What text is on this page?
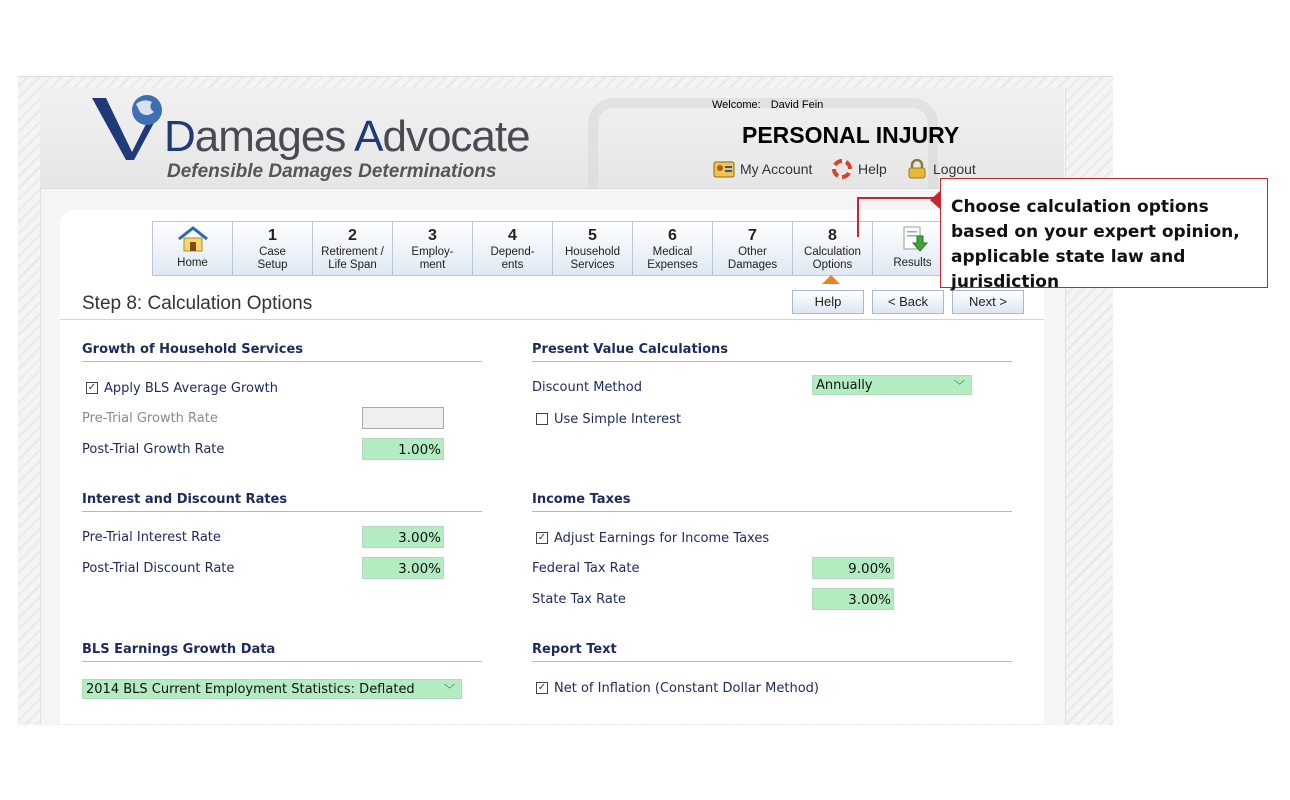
Damages Advocate
Defensible Damages Determinations
Welcome: David Fein
PERSONAL INJURY
My Account	Help	Logout
Home
1
Case
Setup
2
Retirement /
Life Span
3
Employ-
ment
4
Depend-
ents
5
Household
Services
6
Medical
Expenses
7
Other
Damages
8
Calculation
Options	Results
Step 8: Calculation Options	Help	< Back	Next >
Growth of Household Services
✓ Apply BLS Average Growth
Pre-Trial Growth Rate
Post-Trial Growth Rate	1.00%
Interest and Discount Rates
Pre-Trial Interest Rate	3.00%
Post-Trial Discount Rate	3.00%
BLS Earnings Growth Data
2014 BLS Current Employment Statistics: Deflated	﹀
Present Value Calculations
Discount Method	Annually	﹀
Use Simple Interest
Income Taxes
✓ Adjust Earnings for Income Taxes
Federal Tax Rate	9.00%
State Tax Rate	3.00%
Report Text
✓ Net of Inflation (Constant Dollar Method)
Choose calculation options based on your expert opinion, applicable state law and jurisdiction
